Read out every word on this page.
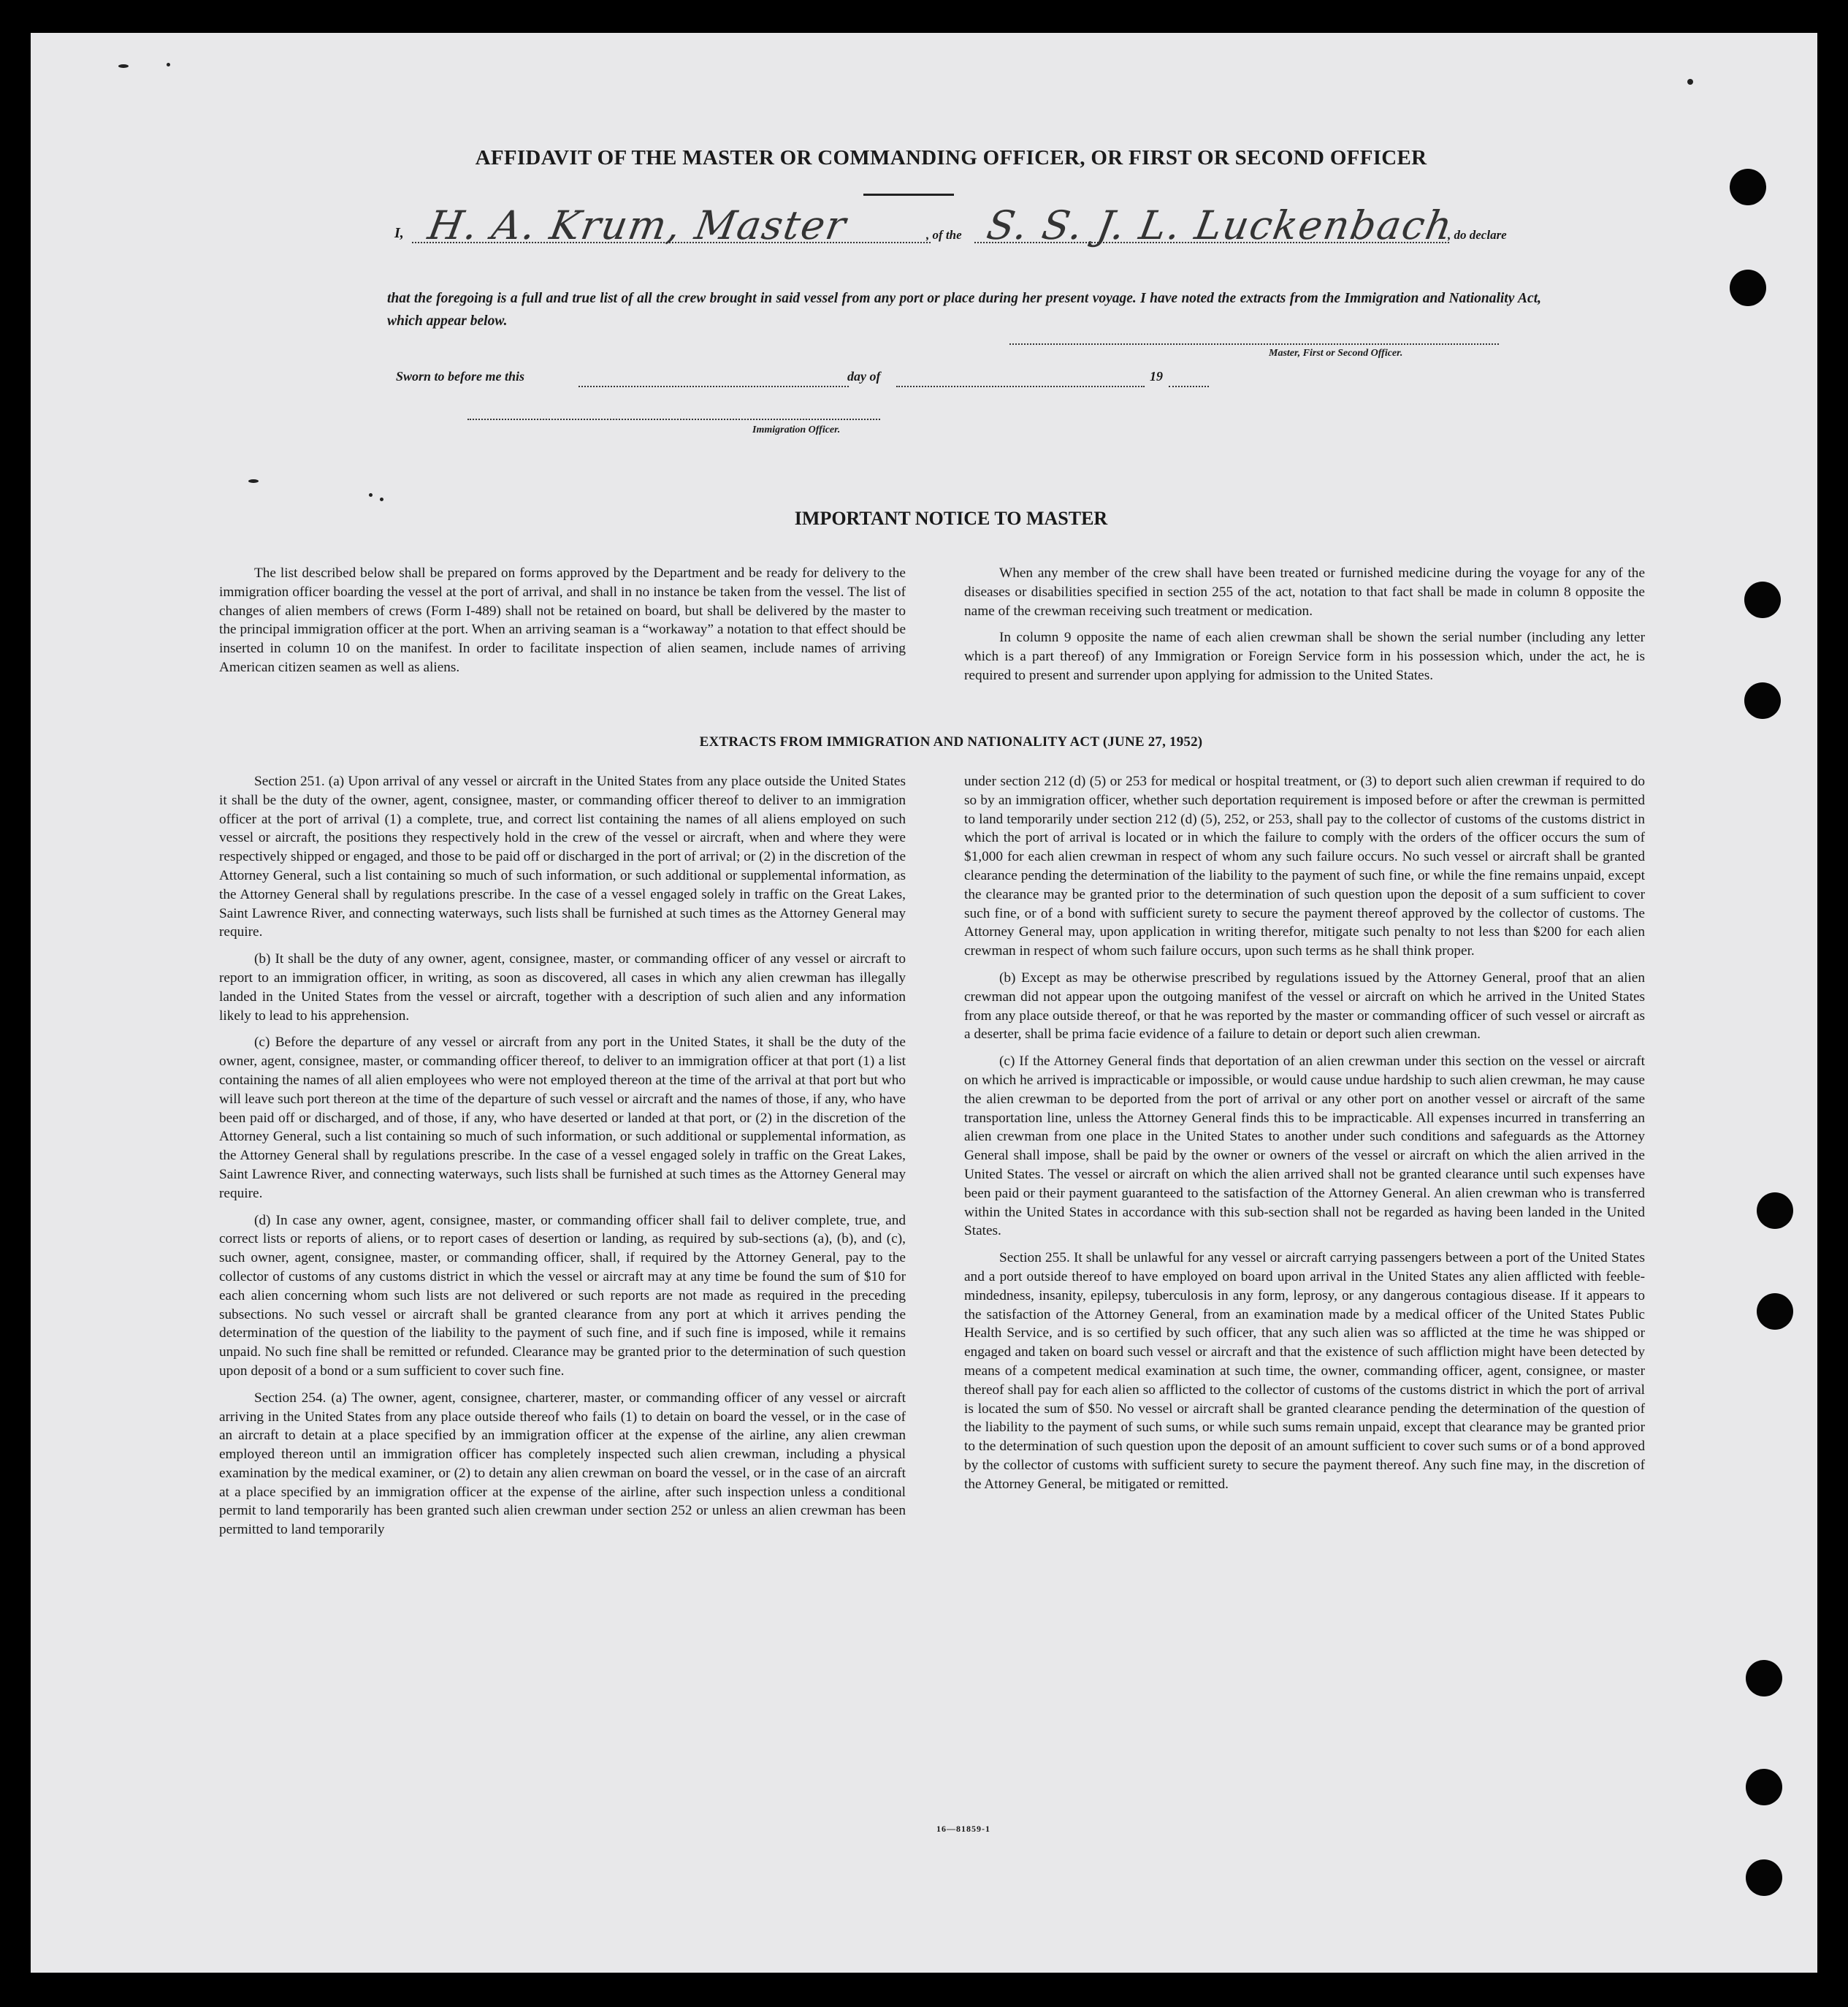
AFFIDAVIT OF THE MASTER OR COMMANDING OFFICER, OR FIRST OR SECOND OFFICER
I, H. A. Krum, Master	, of the S. S. J. L. Luckenbach
, do declare
that the foregoing is a full and true list of all the crew brought in said vessel from any port or place during her present voyage. I have noted the extracts from the Immigration and Nationality Act, which appear below.
Master, First or Second Officer.
Sworn to before me this	day of	19
Immigration Officer.
IMPORTANT NOTICE TO MASTER

The list described below shall be prepared on forms approved by the Department and be ready for delivery to the immigration officer boarding the vessel at the port of arrival, and shall in no instance be taken from the vessel. The list of changes of alien members of crews (Form I-489) shall not be retained on board, but shall be delivered by the master to the principal immigration officer at the port. When an arriving seaman is a “workaway” a notation to that effect should be inserted in column 10 on the manifest. In order to facilitate inspection of alien seamen, include names of arriving American citizen seamen as well as aliens.

When any member of the crew shall have been treated or furnished medicine during the voyage for any of the diseases or disabilities specified in section 255 of the act, notation to that fact shall be made in column 8 opposite the name of the crewman receiving such treatment or medication.

In column 9 opposite the name of each alien crewman shall be shown the serial number (including any letter which is a part thereof) of any Immigration or Foreign Service form in his possession which, under the act, he is required to present and surrender upon applying for admission to the United States.

EXTRACTS FROM IMMIGRATION AND NATIONALITY ACT (JUNE 27, 1952)

Section 251. (a) Upon arrival of any vessel or aircraft in the United States from any place outside the United States it shall be the duty of the owner, agent, consignee, master, or commanding officer thereof to deliver to an immigration officer at the port of arrival (1) a complete, true, and correct list containing the names of all aliens employed on such vessel or aircraft, the positions they respectively hold in the crew of the vessel or aircraft, when and where they were respectively shipped or engaged, and those to be paid off or discharged in the port of arrival; or (2) in the discretion of the Attorney General, such a list containing so much of such information, or such additional or supplemental information, as the Attorney General shall by regulations prescribe. In the case of a vessel engaged solely in traffic on the Great Lakes, Saint Lawrence River, and connecting waterways, such lists shall be furnished at such times as the Attorney General may require.

(b) It shall be the duty of any owner, agent, consignee, master, or commanding officer of any vessel or aircraft to report to an immigration officer, in writing, as soon as discovered, all cases in which any alien crewman has illegally landed in the United States from the vessel or aircraft, together with a description of such alien and any information likely to lead to his apprehension.

(c) Before the departure of any vessel or aircraft from any port in the United States, it shall be the duty of the owner, agent, consignee, master, or commanding officer thereof, to deliver to an immigration officer at that port (1) a list containing the names of all alien employees who were not employed thereon at the time of the arrival at that port but who will leave such port thereon at the time of the departure of such vessel or aircraft and the names of those, if any, who have been paid off or discharged, and of those, if any, who have deserted or landed at that port, or (2) in the discretion of the Attorney General, such a list containing so much of such information, or such additional or supplemental information, as the Attorney General shall by regulations prescribe. In the case of a vessel engaged solely in traffic on the Great Lakes, Saint Lawrence River, and connecting waterways, such lists shall be furnished at such times as the Attorney General may require.

(d) In case any owner, agent, consignee, master, or commanding officer shall fail to deliver complete, true, and correct lists or reports of aliens, or to report cases of desertion or landing, as required by sub-sections (a), (b), and (c), such owner, agent, consignee, master, or commanding officer, shall, if required by the Attorney General, pay to the collector of customs of any customs district in which the vessel or aircraft may at any time be found the sum of $10 for each alien concerning whom such lists are not delivered or such reports are not made as required in the preceding subsections. No such vessel or aircraft shall be granted clearance from any port at which it arrives pending the determination of the question of the liability to the payment of such fine, and if such fine is imposed, while it remains unpaid. No such fine shall be remitted or refunded. Clearance may be granted prior to the determination of such question upon deposit of a bond or a sum sufficient to cover such fine.

Section 254. (a) The owner, agent, consignee, charterer, master, or commanding officer of any vessel or aircraft arriving in the United States from any place outside thereof who fails (1) to detain on board the vessel, or in the case of an aircraft to detain at a place specified by an immigration officer at the expense of the airline, any alien crewman employed thereon until an immigration officer has completely inspected such alien crewman, including a physical examination by the medical examiner, or (2) to detain any alien crewman on board the vessel, or in the case of an aircraft at a place specified by an immigration officer at the expense of the airline, after such inspection unless a conditional permit to land temporarily has been granted such alien crewman under section 252 or unless an alien crewman has been permitted to land temporarily

under section 212 (d) (5) or 253 for medical or hospital treatment, or (3) to deport such alien crewman if required to do so by an immigration officer, whether such deportation requirement is imposed before or after the crewman is permitted to land temporarily under section 212 (d) (5), 252, or 253, shall pay to the collector of customs of the customs district in which the port of arrival is located or in which the failure to comply with the orders of the officer occurs the sum of $1,000 for each alien crewman in respect of whom any such failure occurs. No such vessel or aircraft shall be granted clearance pending the determination of the liability to the payment of such fine, or while the fine remains unpaid, except the clearance may be granted prior to the determination of such question upon the deposit of a sum sufficient to cover such fine, or of a bond with sufficient surety to secure the payment thereof approved by the collector of customs. The Attorney General may, upon application in writing therefor, mitigate such penalty to not less than $200 for each alien crewman in respect of whom such failure occurs, upon such terms as he shall think proper.

(b) Except as may be otherwise prescribed by regulations issued by the Attorney General, proof that an alien crewman did not appear upon the outgoing manifest of the vessel or aircraft on which he arrived in the United States from any place outside thereof, or that he was reported by the master or commanding officer of such vessel or aircraft as a deserter, shall be prima facie evidence of a failure to detain or deport such alien crewman.

(c) If the Attorney General finds that deportation of an alien crewman under this section on the vessel or aircraft on which he arrived is impracticable or impossible, or would cause undue hardship to such alien crewman, he may cause the alien crewman to be deported from the port of arrival or any other port on another vessel or aircraft of the same transportation line, unless the Attorney General finds this to be impracticable. All expenses incurred in transferring an alien crewman from one place in the United States to another under such conditions and safeguards as the Attorney General shall impose, shall be paid by the owner or owners of the vessel or aircraft on which the alien arrived in the United States. The vessel or aircraft on which the alien arrived shall not be granted clearance until such expenses have been paid or their payment guaranteed to the satisfaction of the Attorney General. An alien crewman who is transferred within the United States in accordance with this sub-section shall not be regarded as having been landed in the United States.

Section 255. It shall be unlawful for any vessel or aircraft carrying passengers between a port of the United States and a port outside thereof to have employed on board upon arrival in the United States any alien afflicted with feeble-mindedness, insanity, epilepsy, tuberculosis in any form, leprosy, or any dangerous contagious disease. If it appears to the satisfaction of the Attorney General, from an examination made by a medical officer of the United States Public Health Service, and is so certified by such officer, that any such alien was so afflicted at the time he was shipped or engaged and taken on board such vessel or aircraft and that the existence of such affliction might have been detected by means of a competent medical examination at such time, the owner, commanding officer, agent, consignee, or master thereof shall pay for each alien so afflicted to the collector of customs of the customs district in which the port of arrival is located the sum of $50. No vessel or aircraft shall be granted clearance pending the determination of the question of the liability to the payment of such sums, or while such sums remain unpaid, except that clearance may be granted prior to the determination of such question upon the deposit of an amount sufficient to cover such sums or of a bond approved by the collector of customs with sufficient surety to secure the payment thereof. Any such fine may, in the discretion of the Attorney General, be mitigated or remitted.

16—81859-1
